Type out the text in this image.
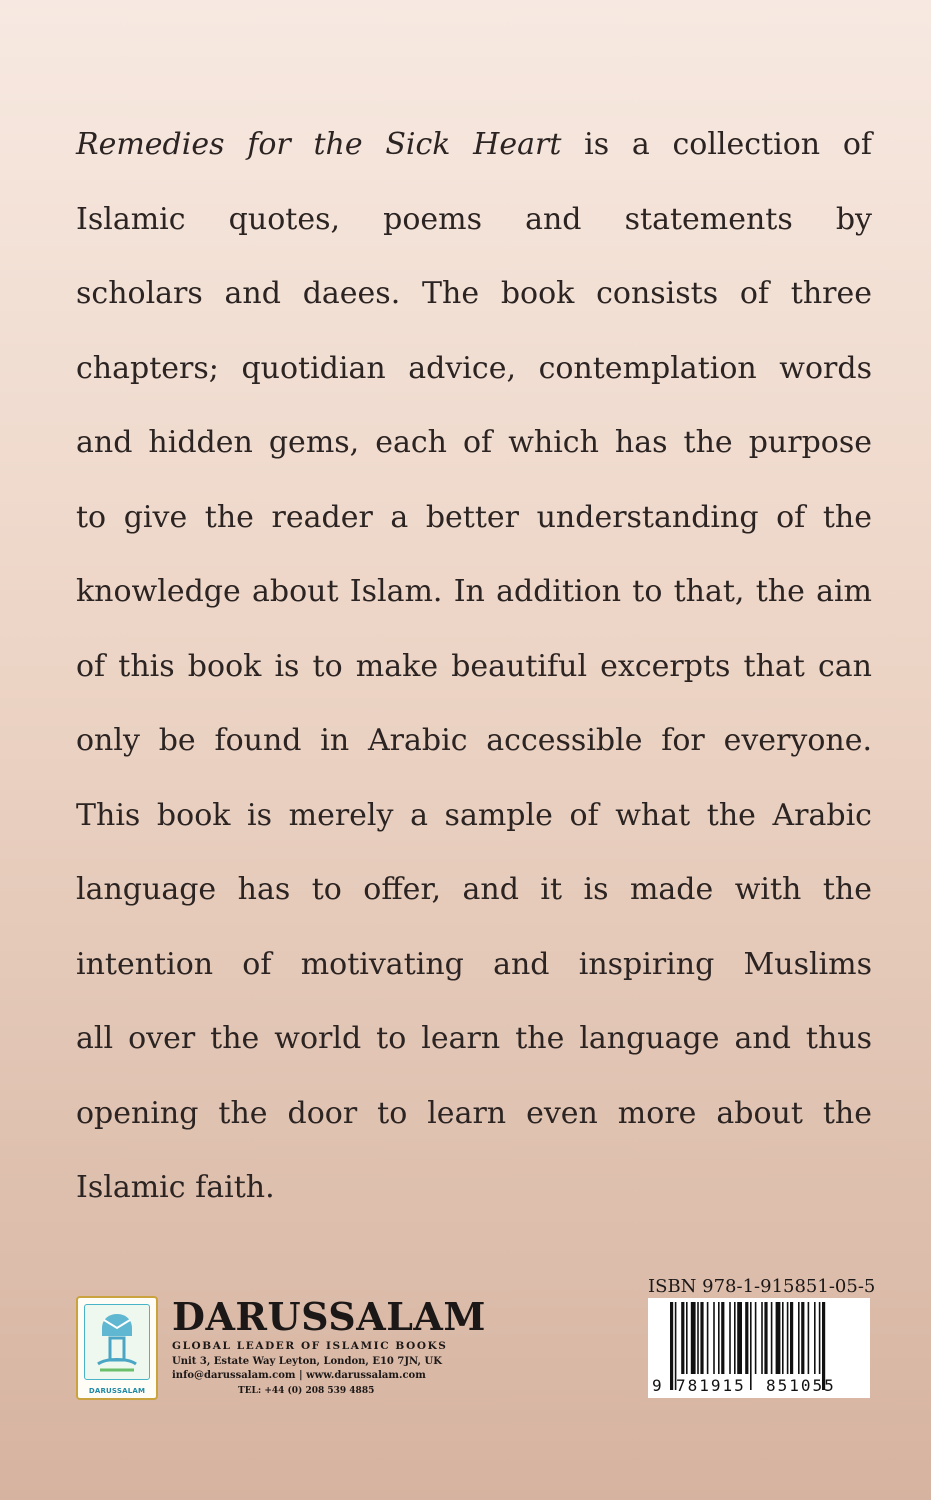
Remedies for the Sick Heart is a collection of
Islamic quotes, poems and statements by
scholars and daees. The book consists of three
chapters; quotidian advice, contemplation words
and hidden gems, each of which has the purpose
to give the reader a better understanding of the
knowledge about Islam. In addition to that, the aim
of this book is to make beautiful excerpts that can
only be found in Arabic accessible for everyone.
This book is merely a sample of what the Arabic
language has to offer, and it is made with the
intention of motivating and inspiring Muslims
all over the world to learn the language and thus
opening the door to learn even more about the
Islamic faith.
DARUSSALAM
DARUSSALAM
GLOBAL LEADER OF ISLAMIC BOOKS
Unit 3, Estate Way Leyton, London, E10 7JN, UK
info@darussalam.com | www.darussalam.com
TEL: +44 (0) 208 539 4885
ISBN 978-1-915851-05-5
9 781915 851055
